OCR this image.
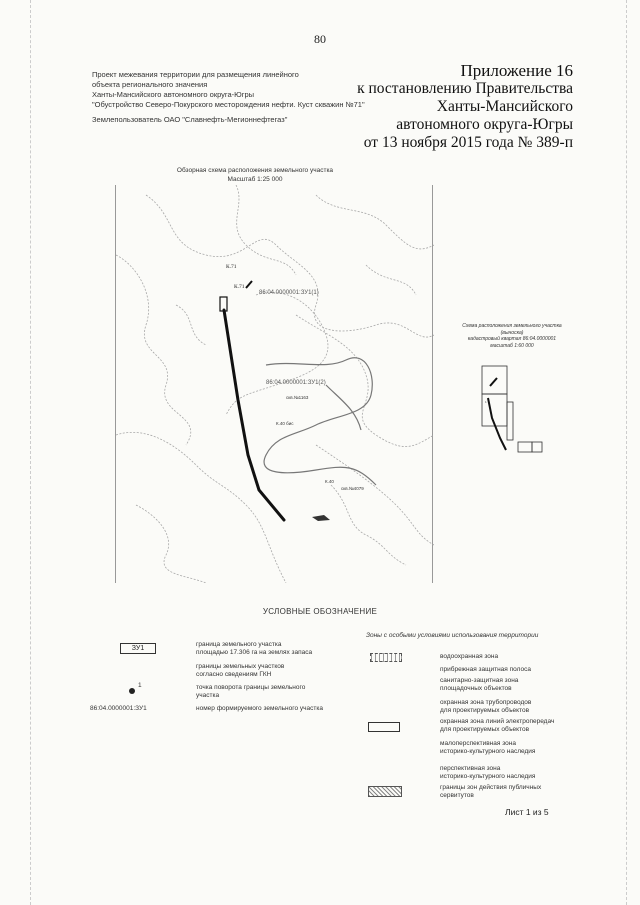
80
Проект межевания территории для размещения линейного
объекта регионального значения
Ханты-Мансийского автономного округа-Югры
"Обустройство Северо-Покурского месторождения нефти. Куст скважин №71"
Землепользователь ОАО "Славнефть-Мегионнефтегаз"
Приложение 16
к постановлению Правительства
Ханты-Мансийского
автономного округа-Югры
от 13 ноября 2015 года № 389-п
Обзорная схема расположения земельного участка
Масштаб 1:25 000
К.71
К.71
86:04.0000001:ЗУ1(1)
86:04.0000001:ЗУ1(2)
скв.№1163
К.40 бис
К.40
скв.№4079
Схема расположения земельного участка
(выноска)
кадастровый квартал 86:04.0000001
масштаб 1:60 000
1
УСЛОВНЫЕ ОБОЗНАЧЕНИЕ
ЗУ1
граница земельного участка
площадью 17.306 га на землях запаса
границы земельных участков
согласно сведениям ГКН
1	точка поворота границы земельного
участка
86:04.0000001:ЗУ1	номер формируемого земельного участка
Зоны с особыми условиями использования территории
водоохранная зона
прибрежная защитная полоса
санитарно-защитная зона
площадочных объектов
охранная зона трубопроводов
для проектируемых объектов
охранная зона линий электропередач
для проектируемых объектов
малоперспективная зона
историко-культурного наследия
перспективная зона
историко-культурного наследия
границы зон действия публичных
сервитутов
Лист 1 из 5
